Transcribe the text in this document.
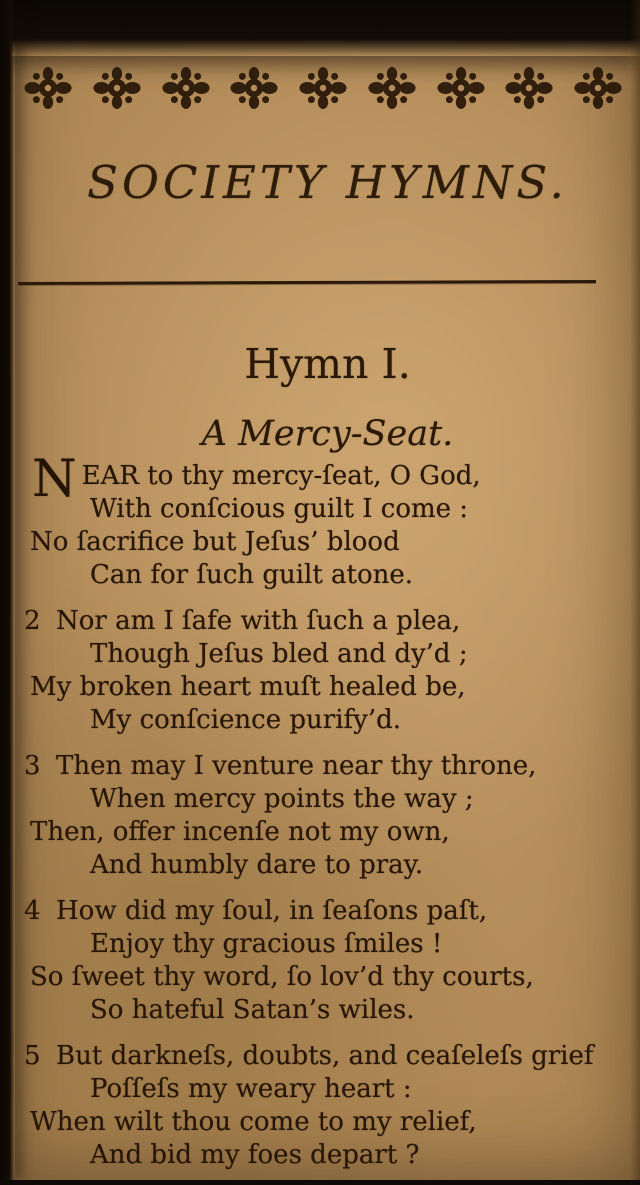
SOCIETY HYMNS.
Hymn I.
A Mercy-Seat.
NEAR to thy mercy-ſeat, O God,
With conſcious guilt I come :
No ſacrifice but Jeſus’ blood
Can for ſuch guilt atone.
2 Nor am I ſafe with ſuch a plea,
Though Jeſus bled and dy’d ;
My broken heart muſt healed be,
My conſcience purify’d.
3 Then may I venture near thy throne,
When mercy points the way ;
Then, offer incenſe not my own,
And humbly dare to pray.
4 How did my ſoul, in ſeaſons paſt,
Enjoy thy gracious ſmiles !
So ſweet thy word, ſo lov’d thy courts,
So hateful Satan’s wiles.
5 But darkneſs, doubts, and ceaſeleſs grief
Poſſeſs my weary heart :
When wilt thou come to my relief,
And bid my foes depart ?
